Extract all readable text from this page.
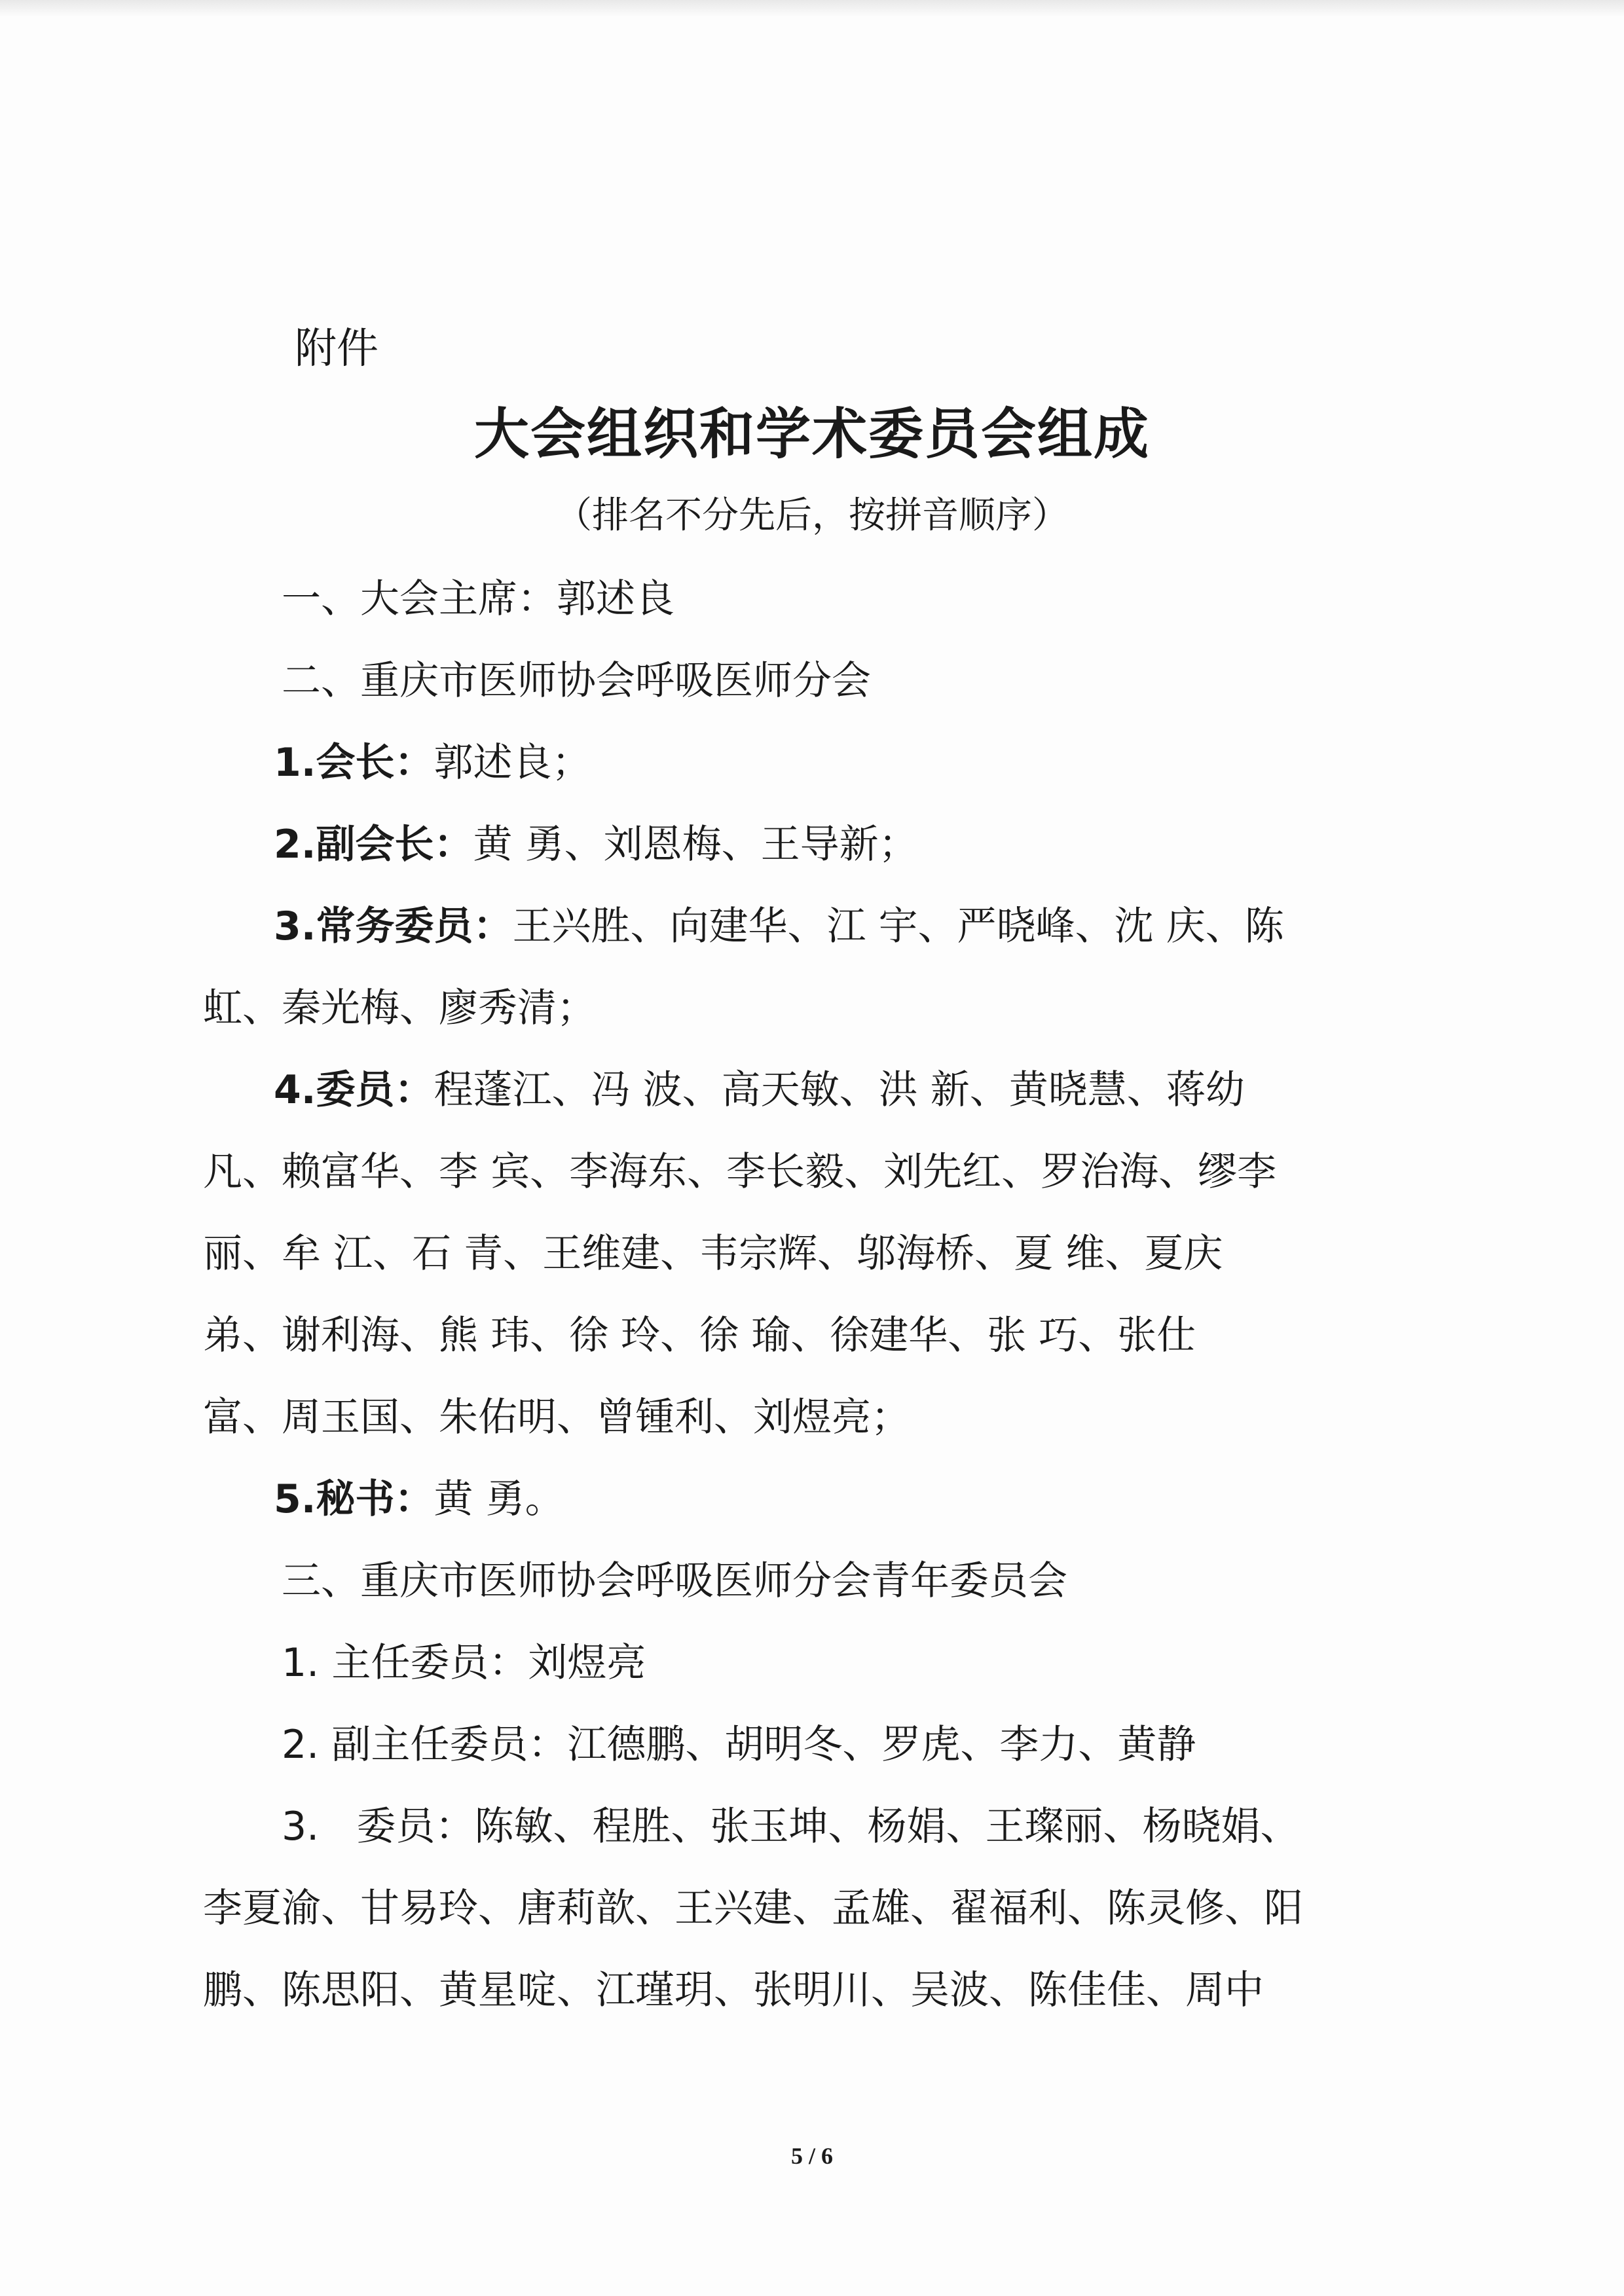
附件
大会组织和学术委员会组成
（排名不分先后，按拼音顺序）
一、大会主席：郭述良
二、重庆市医师协会呼吸医师分会
1.会长：郭述良；
2.副会长：黄 勇、刘恩梅、王导新；
3.常务委员：王兴胜、向建华、江 宇、严晓峰、沈 庆、陈
虹、秦光梅、廖秀清；
4.委员：程蓬江、冯 波、高天敏、洪 新、黄晓慧、蒋幼
凡、赖富华、李 宾、李海东、李长毅、刘先红、罗治海、缪李
丽、牟 江、石 青、王维建、韦宗辉、邬海桥、夏 维、夏庆
弟、谢利海、熊 玮、徐 玲、徐 瑜、徐建华、张 巧、张仕
富、周玉国、朱佑明、曾锺利、刘煜亮；
5.秘书：黄 勇。
三、重庆市医师协会呼吸医师分会青年委员会
1. 主任委员：刘煜亮
2. 副主任委员：江德鹏、胡明冬、罗虎、李力、黄静
3.   委员：陈敏、程胜、张玉坤、杨娟、王璨丽、杨晓娟、
李夏渝、甘易玲、唐莉歆、王兴建、孟雄、翟福利、陈灵修、阳
鹏、陈思阳、黄星啶、江瑾玥、张明川、吴波、陈佳佳、周中
5 / 6
